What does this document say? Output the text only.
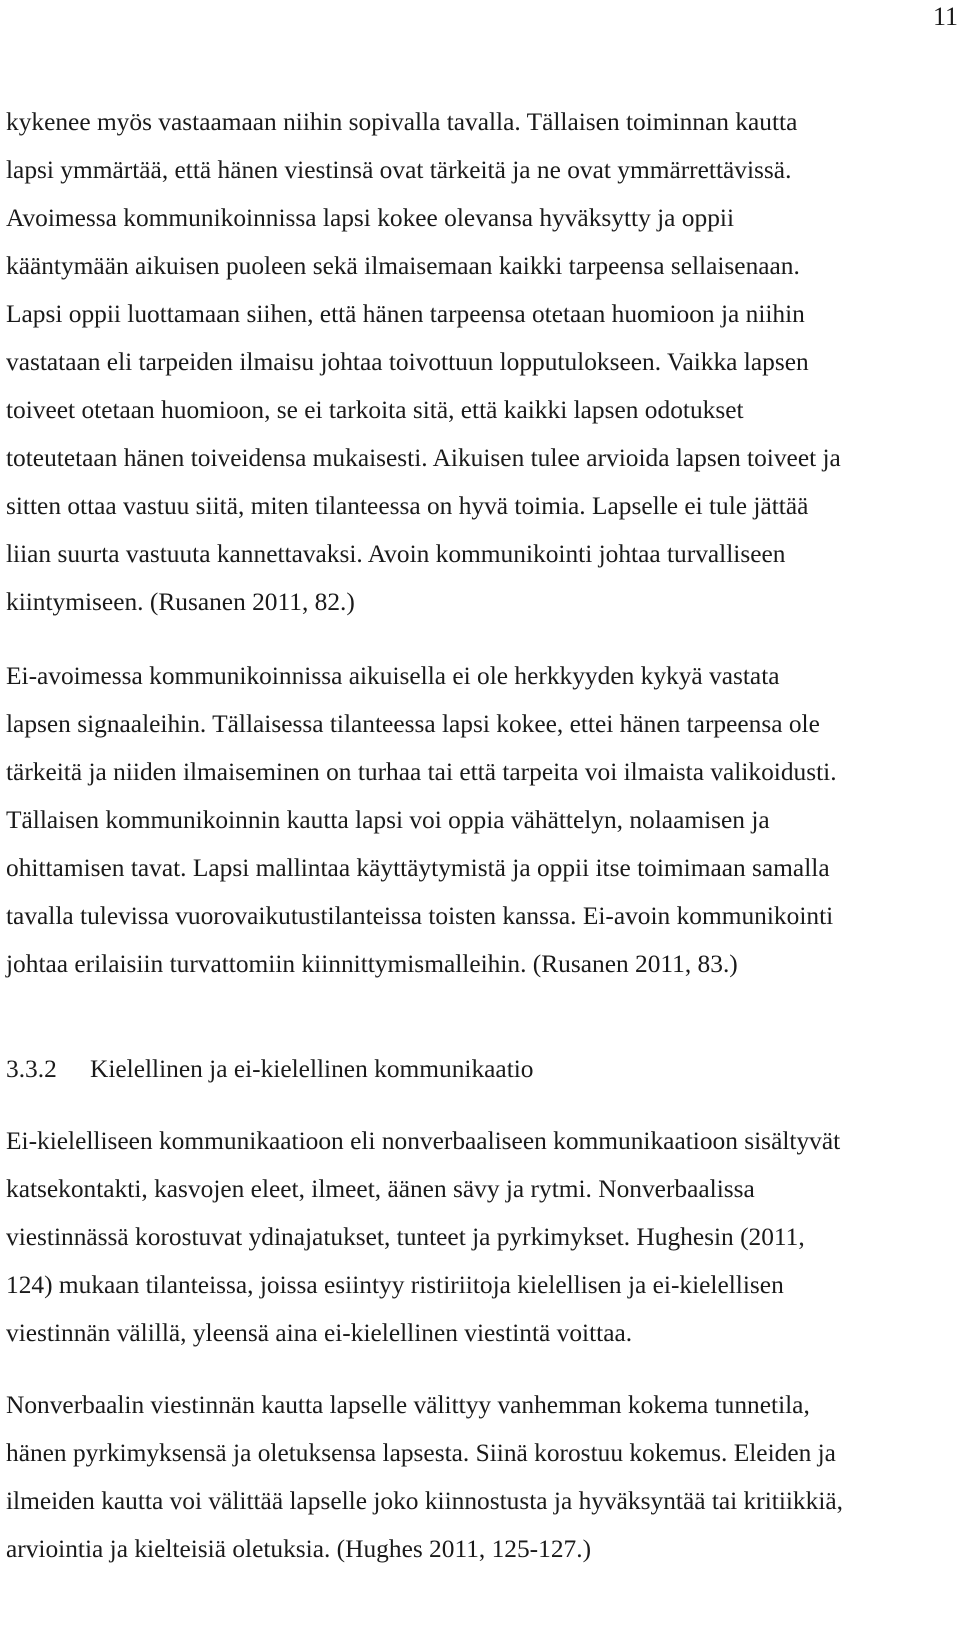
11
kykenee myös vastaamaan niihin sopivalla tavalla. Tällaisen toiminnan kautta
lapsi ymmärtää, että hänen viestinsä ovat tärkeitä ja ne ovat ymmärrettävissä.
Avoimessa kommunikoinnissa lapsi kokee olevansa hyväksytty ja oppii
kääntymään aikuisen puoleen sekä ilmaisemaan kaikki tarpeensa sellaisenaan.
Lapsi oppii luottamaan siihen, että hänen tarpeensa otetaan huomioon ja niihin
vastataan eli tarpeiden ilmaisu johtaa toivottuun lopputulokseen. Vaikka lapsen
toiveet otetaan huomioon, se ei tarkoita sitä, että kaikki lapsen odotukset
toteutetaan hänen toiveidensa mukaisesti. Aikuisen tulee arvioida lapsen toiveet ja
sitten ottaa vastuu siitä, miten tilanteessa on hyvä toimia. Lapselle ei tule jättää
liian suurta vastuuta kannettavaksi. Avoin kommunikointi johtaa turvalliseen
kiintymiseen. (Rusanen 2011, 82.)
Ei-avoimessa kommunikoinnissa aikuisella ei ole herkkyyden kykyä vastata
lapsen signaaleihin. Tällaisessa tilanteessa lapsi kokee, ettei hänen tarpeensa ole
tärkeitä ja niiden ilmaiseminen on turhaa tai että tarpeita voi ilmaista valikoidusti.
Tällaisen kommunikoinnin kautta lapsi voi oppia vähättelyn, nolaamisen ja
ohittamisen tavat. Lapsi mallintaa käyttäytymistä ja oppii itse toimimaan samalla
tavalla tulevissa vuorovaikutustilanteissa toisten kanssa. Ei-avoin kommunikointi
johtaa erilaisiin turvattomiin kiinnittymismalleihin. (Rusanen 2011, 83.)
3.3.2 Kielellinen ja ei-kielellinen kommunikaatio
Ei-kielelliseen kommunikaatioon eli nonverbaaliseen kommunikaatioon sisältyvät
katsekontakti, kasvojen eleet, ilmeet, äänen sävy ja rytmi. Nonverbaalissa
viestinnässä korostuvat ydinajatukset, tunteet ja pyrkimykset. Hughesin (2011,
124) mukaan tilanteissa, joissa esiintyy ristiriitoja kielellisen ja ei-kielellisen
viestinnän välillä, yleensä aina ei-kielellinen viestintä voittaa.
Nonverbaalin viestinnän kautta lapselle välittyy vanhemman kokema tunnetila,
hänen pyrkimyksensä ja oletuksensa lapsesta. Siinä korostuu kokemus. Eleiden ja
ilmeiden kautta voi välittää lapselle joko kiinnostusta ja hyväksyntää tai kritiikkiä,
arviointia ja kielteisiä oletuksia. (Hughes 2011, 125-127.)
